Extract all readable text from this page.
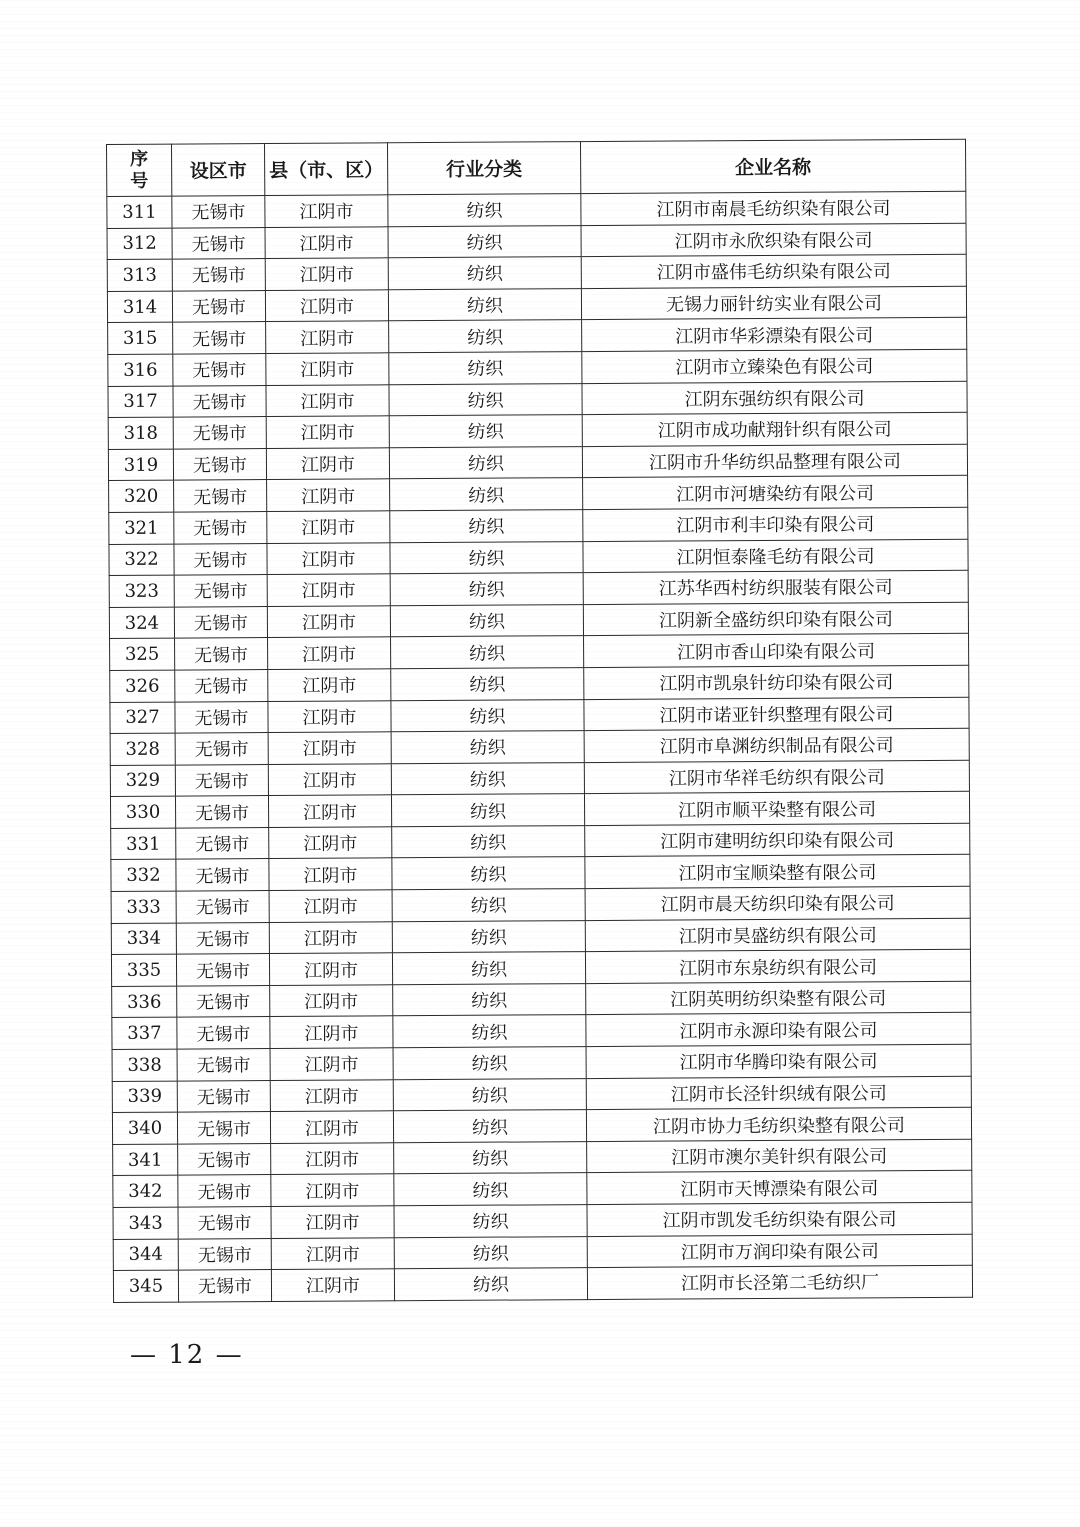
序
号	设区市	县（市、区）	行业分类	企业名称
311	无锡市	江阴市	纺织	江阴市南晨毛纺织染有限公司
312	无锡市	江阴市	纺织	江阴市永欣织染有限公司
313	无锡市	江阴市	纺织	江阴市盛伟毛纺织染有限公司
314	无锡市	江阴市	纺织	无锡力丽针纺实业有限公司
315	无锡市	江阴市	纺织	江阴市华彩漂染有限公司
316	无锡市	江阴市	纺织	江阴市立臻染色有限公司
317	无锡市	江阴市	纺织	江阴东强纺织有限公司
318	无锡市	江阴市	纺织	江阴市成功献翔针织有限公司
319	无锡市	江阴市	纺织	江阴市升华纺织品整理有限公司
320	无锡市	江阴市	纺织	江阴市河塘染纺有限公司
321	无锡市	江阴市	纺织	江阴市利丰印染有限公司
322	无锡市	江阴市	纺织	江阴恒泰隆毛纺有限公司
323	无锡市	江阴市	纺织	江苏华西村纺织服装有限公司
324	无锡市	江阴市	纺织	江阴新全盛纺织印染有限公司
325	无锡市	江阴市	纺织	江阴市香山印染有限公司
326	无锡市	江阴市	纺织	江阴市凯泉针纺印染有限公司
327	无锡市	江阴市	纺织	江阴市诺亚针织整理有限公司
328	无锡市	江阴市	纺织	江阴市阜渊纺织制品有限公司
329	无锡市	江阴市	纺织	江阴市华祥毛纺织有限公司
330	无锡市	江阴市	纺织	江阴市顺平染整有限公司
331	无锡市	江阴市	纺织	江阴市建明纺织印染有限公司
332	无锡市	江阴市	纺织	江阴市宝顺染整有限公司
333	无锡市	江阴市	纺织	江阴市晨天纺织印染有限公司
334	无锡市	江阴市	纺织	江阴市昊盛纺织有限公司
335	无锡市	江阴市	纺织	江阴市东泉纺织有限公司
336	无锡市	江阴市	纺织	江阴英明纺织染整有限公司
337	无锡市	江阴市	纺织	江阴市永源印染有限公司
338	无锡市	江阴市	纺织	江阴市华腾印染有限公司
339	无锡市	江阴市	纺织	江阴市长泾针织绒有限公司
340	无锡市	江阴市	纺织	江阴市协力毛纺织染整有限公司
341	无锡市	江阴市	纺织	江阴市澳尔美针织有限公司
342	无锡市	江阴市	纺织	江阴市天博漂染有限公司
343	无锡市	江阴市	纺织	江阴市凯发毛纺织染有限公司
344	无锡市	江阴市	纺织	江阴市万润印染有限公司
345	无锡市	江阴市	纺织	江阴市长泾第二毛纺织厂
— 12 —
